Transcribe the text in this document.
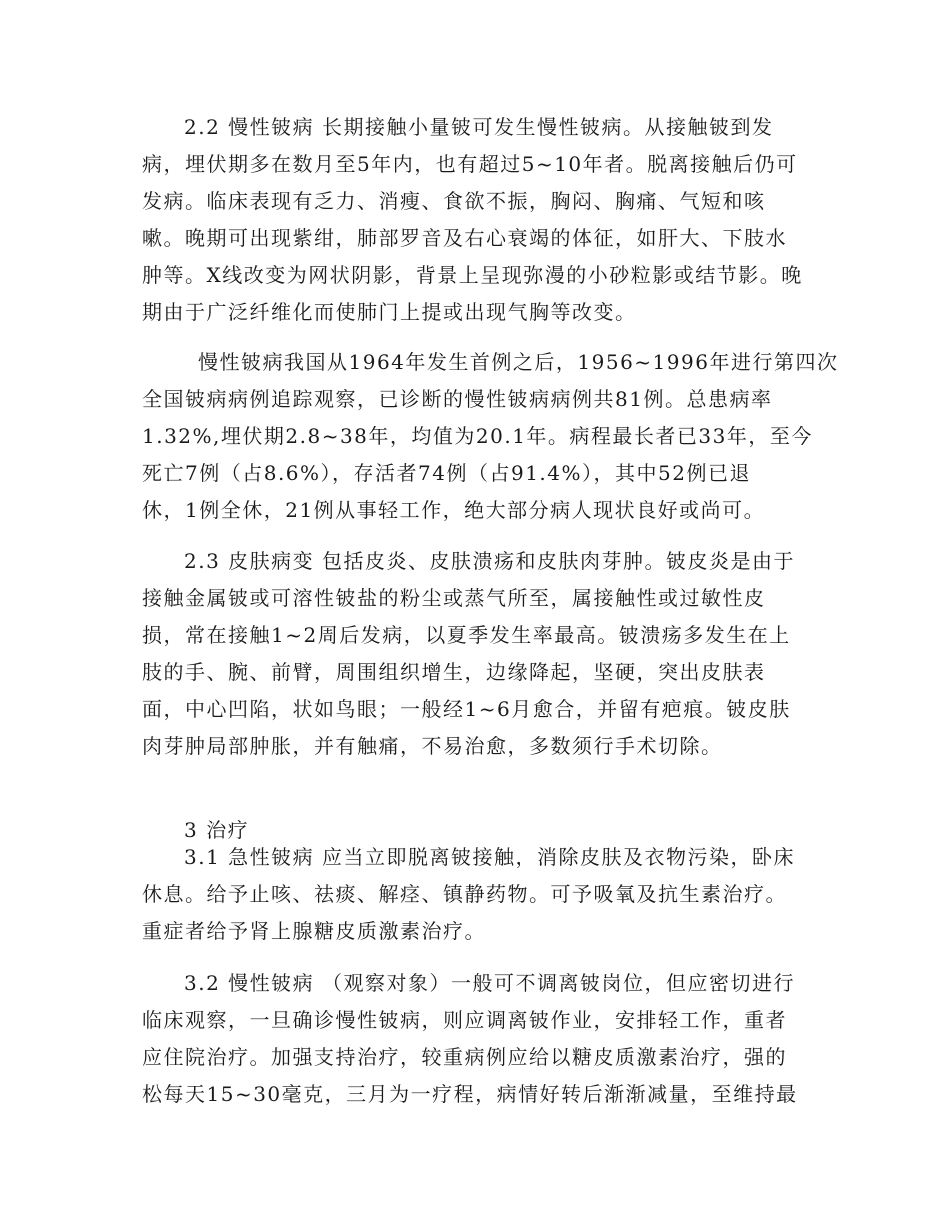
2.2 慢性铍病 长期接触小量铍可发生慢性铍病。从接触铍到发
病，埋伏期多在数月至5年内，也有超过5~10年者。脱离接触后仍可
发病。临床表现有乏力、消瘦、食欲不振，胸闷、胸痛、气短和咳
嗽。晚期可出现紫绀，肺部罗音及右心衰竭的体征，如肝大、下肢水
肿等。X线改变为网状阴影，背景上呈现弥漫的小砂粒影或结节影。晚
期由于广泛纤维化而使肺门上提或出现气胸等改变。
慢性铍病我国从1964年发生首例之后，1956~1996年进行第四次
全国铍病病例追踪观察，已诊断的慢性铍病病例共81例。总患病率
1.32%,埋伏期2.8~38年，均值为20.1年。病程最长者已33年，至今
死亡7例（占8.6%），存活者74例（占91.4%），其中52例已退
休，1例全休，21例从事轻工作，绝大部分病人现状良好或尚可。
2.3 皮肤病变 包括皮炎、皮肤溃疡和皮肤肉芽肿。铍皮炎是由于
接触金属铍或可溶性铍盐的粉尘或蒸气所至，属接触性或过敏性皮
损，常在接触1~2周后发病，以夏季发生率最高。铍溃疡多发生在上
肢的手、腕、前臂，周围组织增生，边缘降起，坚硬，突出皮肤表
面，中心凹陷，状如鸟眼；一般经1~6月愈合，并留有疤痕。铍皮肤
肉芽肿局部肿胀，并有触痛，不易治愈，多数须行手术切除。
3 治疗
3.1 急性铍病 应当立即脱离铍接触，消除皮肤及衣物污染，卧床
休息。给予止咳、祛痰、解痉、镇静药物。可予吸氧及抗生素治疗。
重症者给予肾上腺糖皮质激素治疗。
3.2 慢性铍病 （观察对象）一般可不调离铍岗位，但应密切进行
临床观察，一旦确诊慢性铍病，则应调离铍作业，安排轻工作，重者
应住院治疗。加强支持治疗，较重病例应给以糖皮质激素治疗，强的
松每天15~30毫克，三月为一疗程，病情好转后渐渐减量，至维持最
